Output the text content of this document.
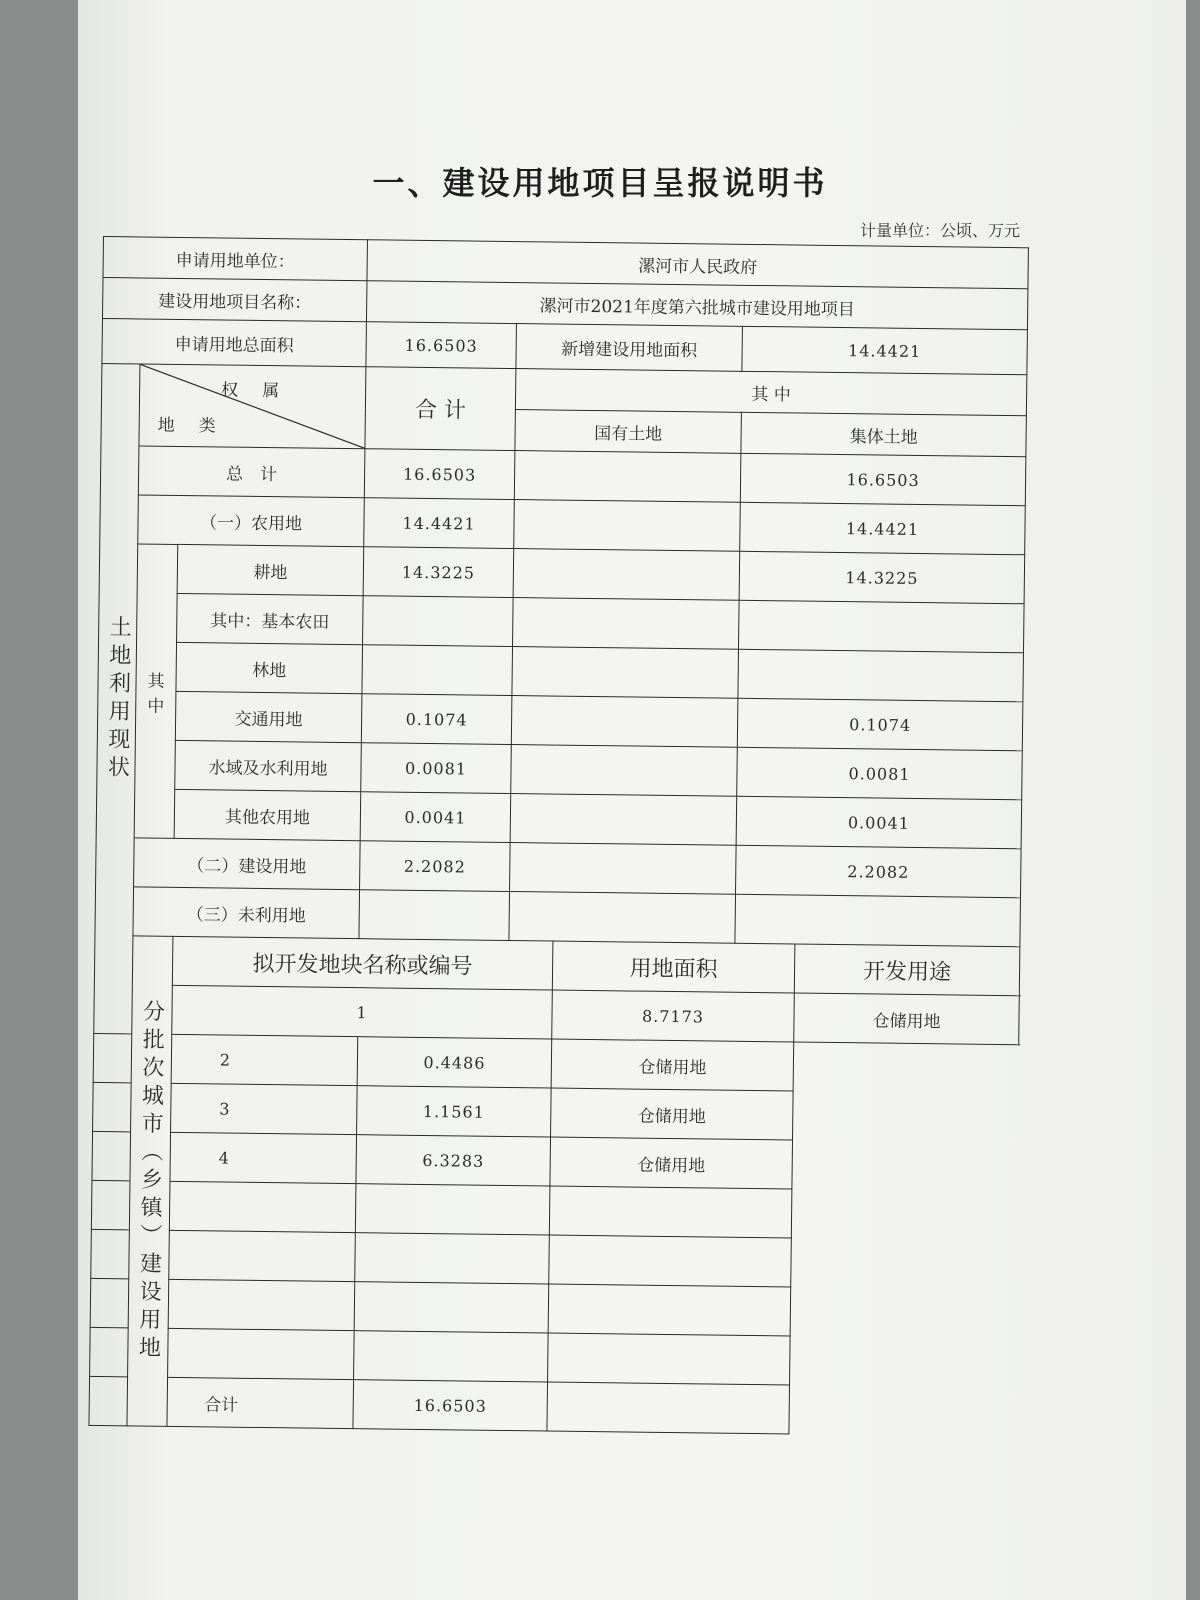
一、建设用地项目呈报说明书
计量单位：公顷、万元
申请用地单位：			漯河市人民政府				
建设用地项目名称：			漯河市2021年度第六批城市建设用地项目				
申请用地总面积			16.6503	新增建设用地面积		14.4421	

土地利用现状	权属
地类		合 计	其 中			
				国有土地		集体土地	
	总　计		16.6503			16.6503	
	（一）农用地		14.4421			14.4421	
	其中	耕地	14.3225			14.3225	
		其中：基本农田					
		林地					
		交通用地	0.1074			0.1074	
		水域及水利用地	0.0081			0.0081	
		其他农用地	0.0041			0.0041	
	（二）建设用地		2.2082			2.2082	
	（三）未利用地						

	分批次城市（乡镇）建设用地	拟开发地块名称或编号			用地面积		开发用途
		1			8.7173		仓储用地
2			0.4486		仓储用地		
3			1.1561		仓储用地		
4			6.3283		仓储用地		

合计			16.6503				
